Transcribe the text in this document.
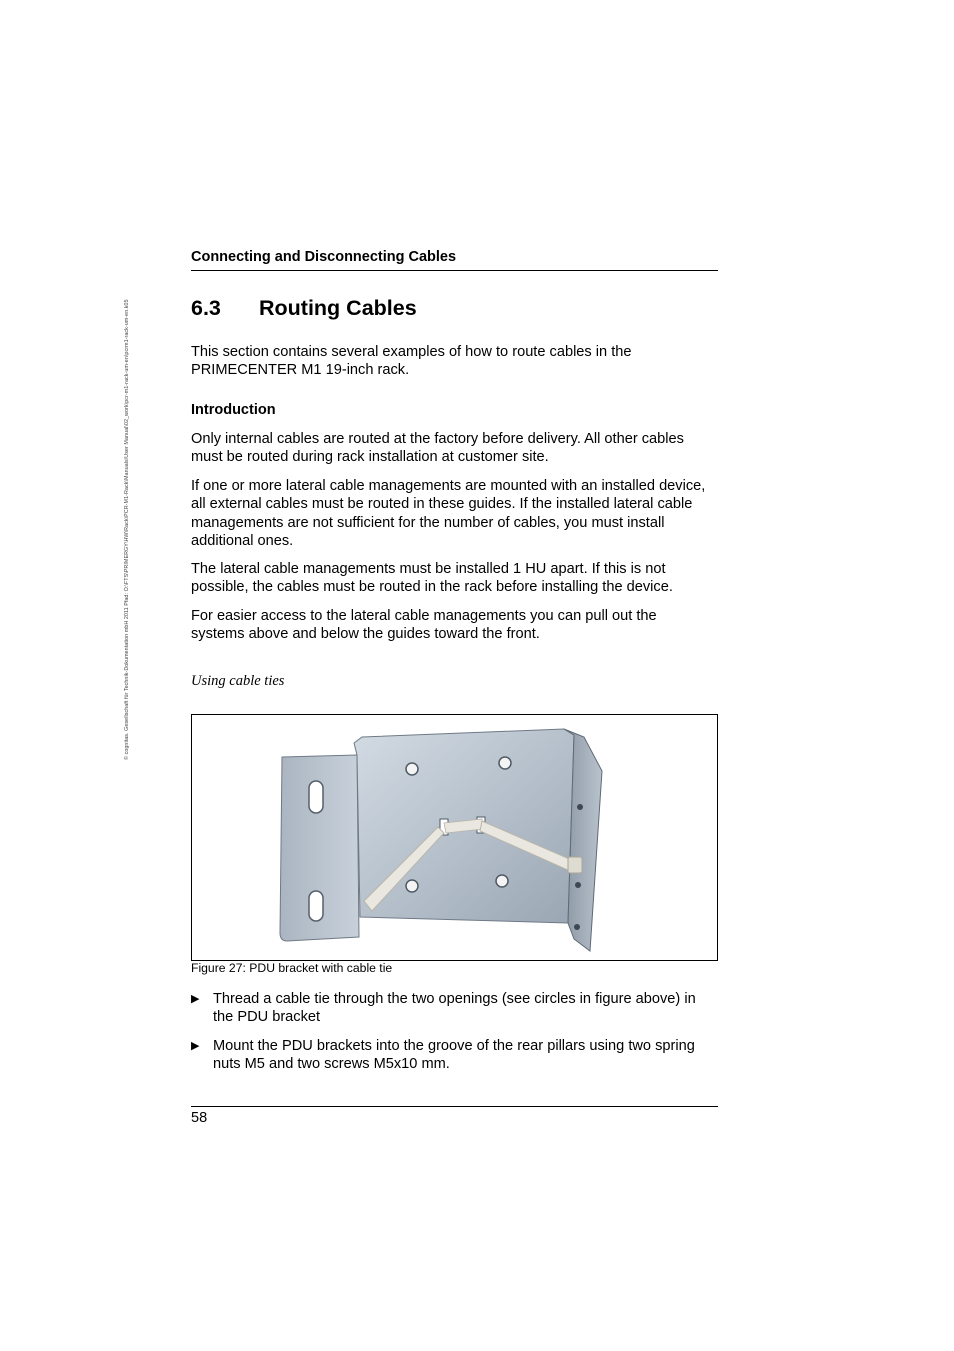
© cognitas. Gesellschaft für Technik-Dokumentation mbH 2011 Pfad: O:\FTS\PRIMERGY\HW\Rack\PCR-M1-Rack\Manuals\User Manual\02_work\pcr-m1-rack-um-en\pcrm1-rack-um-en.k05
Connecting and Disconnecting Cables
6.3 Routing Cables
This section contains several examples of how to route cables in the
PRIMECENTER M1 19-inch rack.
Introduction
Only internal cables are routed at the factory before delivery. All other cables
must be routed during rack installation at customer site.
If one or more lateral cable managements are mounted with an installed device,
all external cables must be routed in these guides. If the installed lateral cable
managements are not sufficient for the number of cables, you must install
additional ones.
The lateral cable managements must be installed 1 HU apart. If this is not
possible, the cables must be routed in the rack before installing the device.
For easier access to the lateral cable managements you can pull out the
systems above and below the guides toward the front.
Using cable ties
Figure 27: PDU bracket with cable tie
▶ Thread a cable tie through the two openings (see circles in figure above) in
the PDU bracket
▶ Mount the PDU brackets into the groove of the rear pillars using two spring
nuts M5 and two screws M5x10 mm.
58
